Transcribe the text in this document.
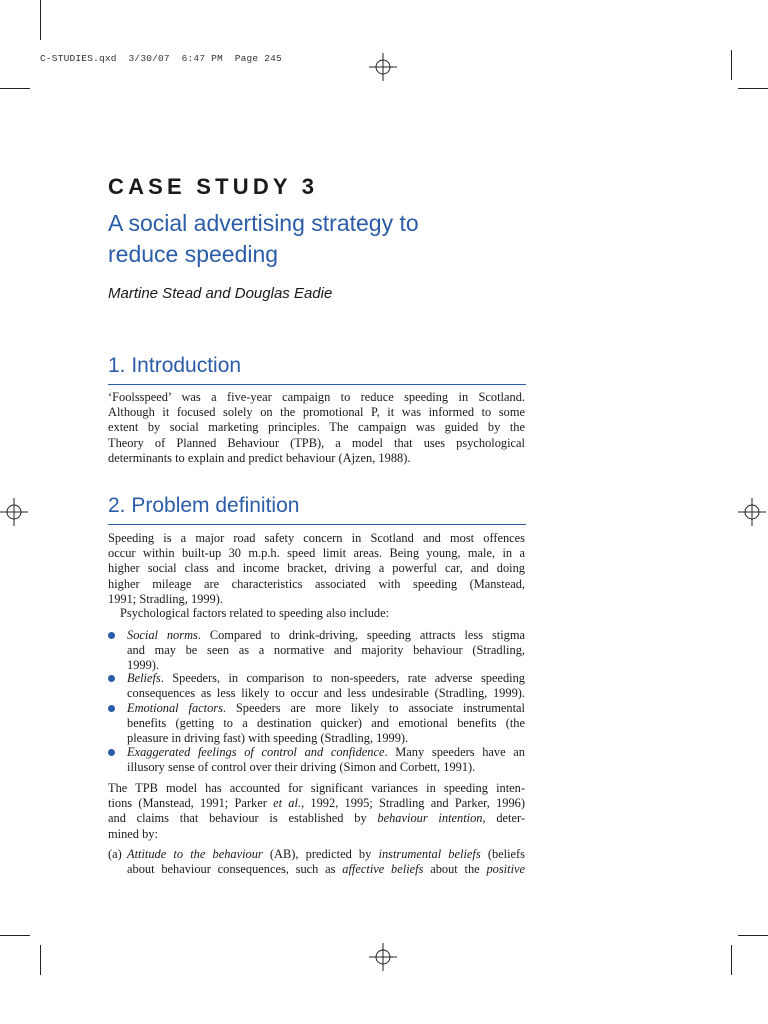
C-STUDIES.qxd  3/30/07  6:47 PM  Page 245
CASE STUDY 3
A social advertising strategy to
reduce speeding
Martine Stead and Douglas Eadie
1. Introduction
‘Foolsspeed’ was a five-year campaign to reduce speeding in Scotland.
Although it focused solely on the promotional P, it was informed to some
extent by social marketing principles. The campaign was guided by the
Theory of Planned Behaviour (TPB), a model that uses psychological
determinants to explain and predict behaviour (Ajzen, 1988).
2. Problem definition
Speeding is a major road safety concern in Scotland and most offences
occur within built-up 30 m.p.h. speed limit areas. Being young, male, in a
higher social class and income bracket, driving a powerful car, and doing
higher mileage are characteristics associated with speeding (Manstead,
1991; Stradling, 1999).
Psychological factors related to speeding also include:
Social norms. Compared to drink-driving, speeding attracts less stigma
and may be seen as a normative and majority behaviour (Stradling,
1999).
Beliefs. Speeders, in comparison to non-speeders, rate adverse speeding
consequences as less likely to occur and less undesirable (Stradling, 1999).
Emotional factors. Speeders are more likely to associate instrumental
benefits (getting to a destination quicker) and emotional benefits (the
pleasure in driving fast) with speeding (Stradling, 1999).
Exaggerated feelings of control and confidence. Many speeders have an
illusory sense of control over their driving (Simon and Corbett, 1991).
The TPB model has accounted for significant variances in speeding inten-
tions (Manstead, 1991; Parker et al., 1992, 1995; Stradling and Parker, 1996)
and claims that behaviour is established by behaviour intention, deter-
mined by:
(a) Attitude to the behaviour (AB), predicted by instrumental beliefs (beliefs
about behaviour consequences, such as affective beliefs about the positive
